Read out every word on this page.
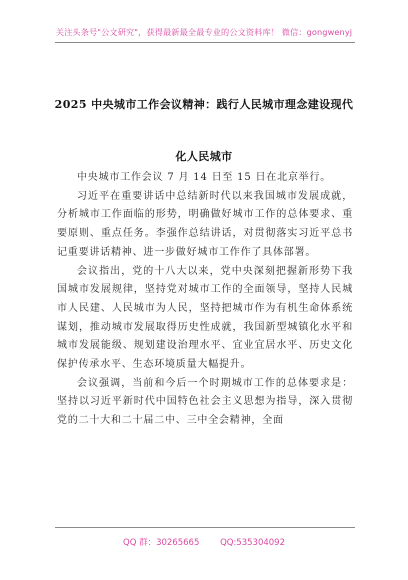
关注头条号"公文研究"，获得最新最全最专业的公文资料库！ 微信：gongwenyj
2025 中央城市工作会议精神：践行人民城市理念建设现代
化人民城市

中央城市工作会议 7 月 14 日至 15 日在北京举行。

习近平在重要讲话中总结新时代以来我国城市发展成就，分析城市工作面临的形势，明确做好城市工作的总体要求、重要原则、重点任务。李强作总结讲话，对贯彻落实习近平总书记重要讲话精神、进一步做好城市工作作了具体部署。

会议指出，党的十八大以来，党中央深刻把握新形势下我国城市发展规律，坚持党对城市工作的全面领导，坚持人民城市人民建、人民城市为人民，坚持把城市作为有机生命体系统谋划，推动城市发展取得历史性成就，我国新型城镇化水平和城市发展能级、规划建设治理水平、宜业宜居水平、历史文化保护传承水平、生态环境质量大幅提升。

会议强调，当前和今后一个时期城市工作的总体要求是：坚持以习近平新时代中国特色社会主义思想为指导，深入贯彻党的二十大和二十届二中、三中全会精神，全面

QQ 群：30265665 QQ:535304092
